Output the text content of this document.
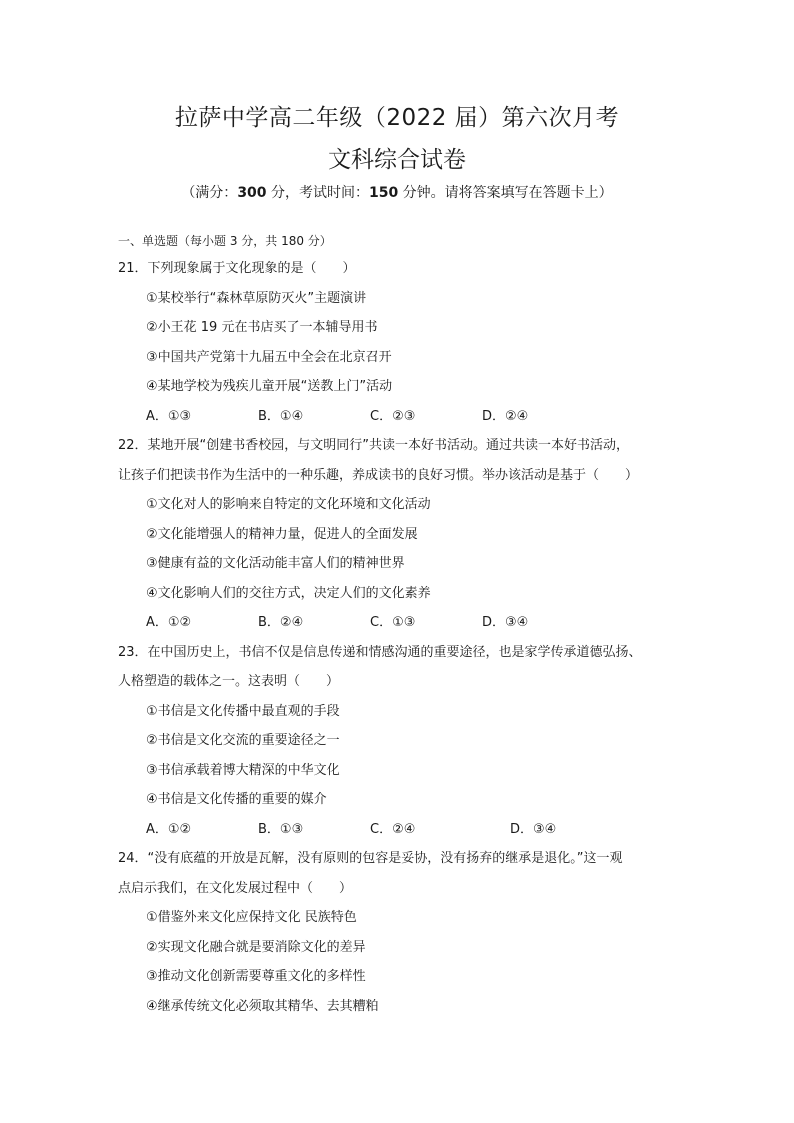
拉萨中学高二年级（2022 届）第六次月考
文科综合试卷
（满分：300 分，考试时间：150 分钟。请将答案填写在答题卡上）
一、单选题（每小题 3 分，共 180 分）
21．下列现象属于文化现象的是（　　）
①某校举行“森林草原防灭火”主题演讲
②小王花 19 元在书店买了一本辅导用书
③中国共产党第十九届五中全会在北京召开
④某地学校为残疾儿童开展“送教上门”活动
A．①③	B．①④	C．②③	D．②④
22．某地开展“创建书香校园，与文明同行”共读一本好书活动。通过共读一本好书活动，
让孩子们把读书作为生活中的一种乐趣，养成读书的良好习惯。举办该活动是基于（　　）
①文化对人的影响来自特定的文化环境和文化活动
②文化能增强人的精神力量，促进人的全面发展
③健康有益的文化活动能丰富人们的精神世界
④文化影响人们的交往方式，决定人们的文化素养
A．①②	B．②④	C．①③	D．③④
23．在中国历史上，书信不仅是信息传递和情感沟通的重要途径，也是家学传承道德弘扬、
人格塑造的载体之一。这表明（　　）
①书信是文化传播中最直观的手段
②书信是文化交流的重要途径之一
③书信承载着博大精深的中华文化
④书信是文化传播的重要的媒介
A．①②	B．①③	C．②④	D．③④
24．“没有底蕴的开放是瓦解，没有原则的包容是妥协，没有扬弃的继承是退化。”这一观
点启示我们，在文化发展过程中（　　）
①借鉴外来文化应保持文化 民族特色
②实现文化融合就是要消除文化的差异
③推动文化创新需要尊重文化的多样性
④继承传统文化必须取其精华、去其糟粕
